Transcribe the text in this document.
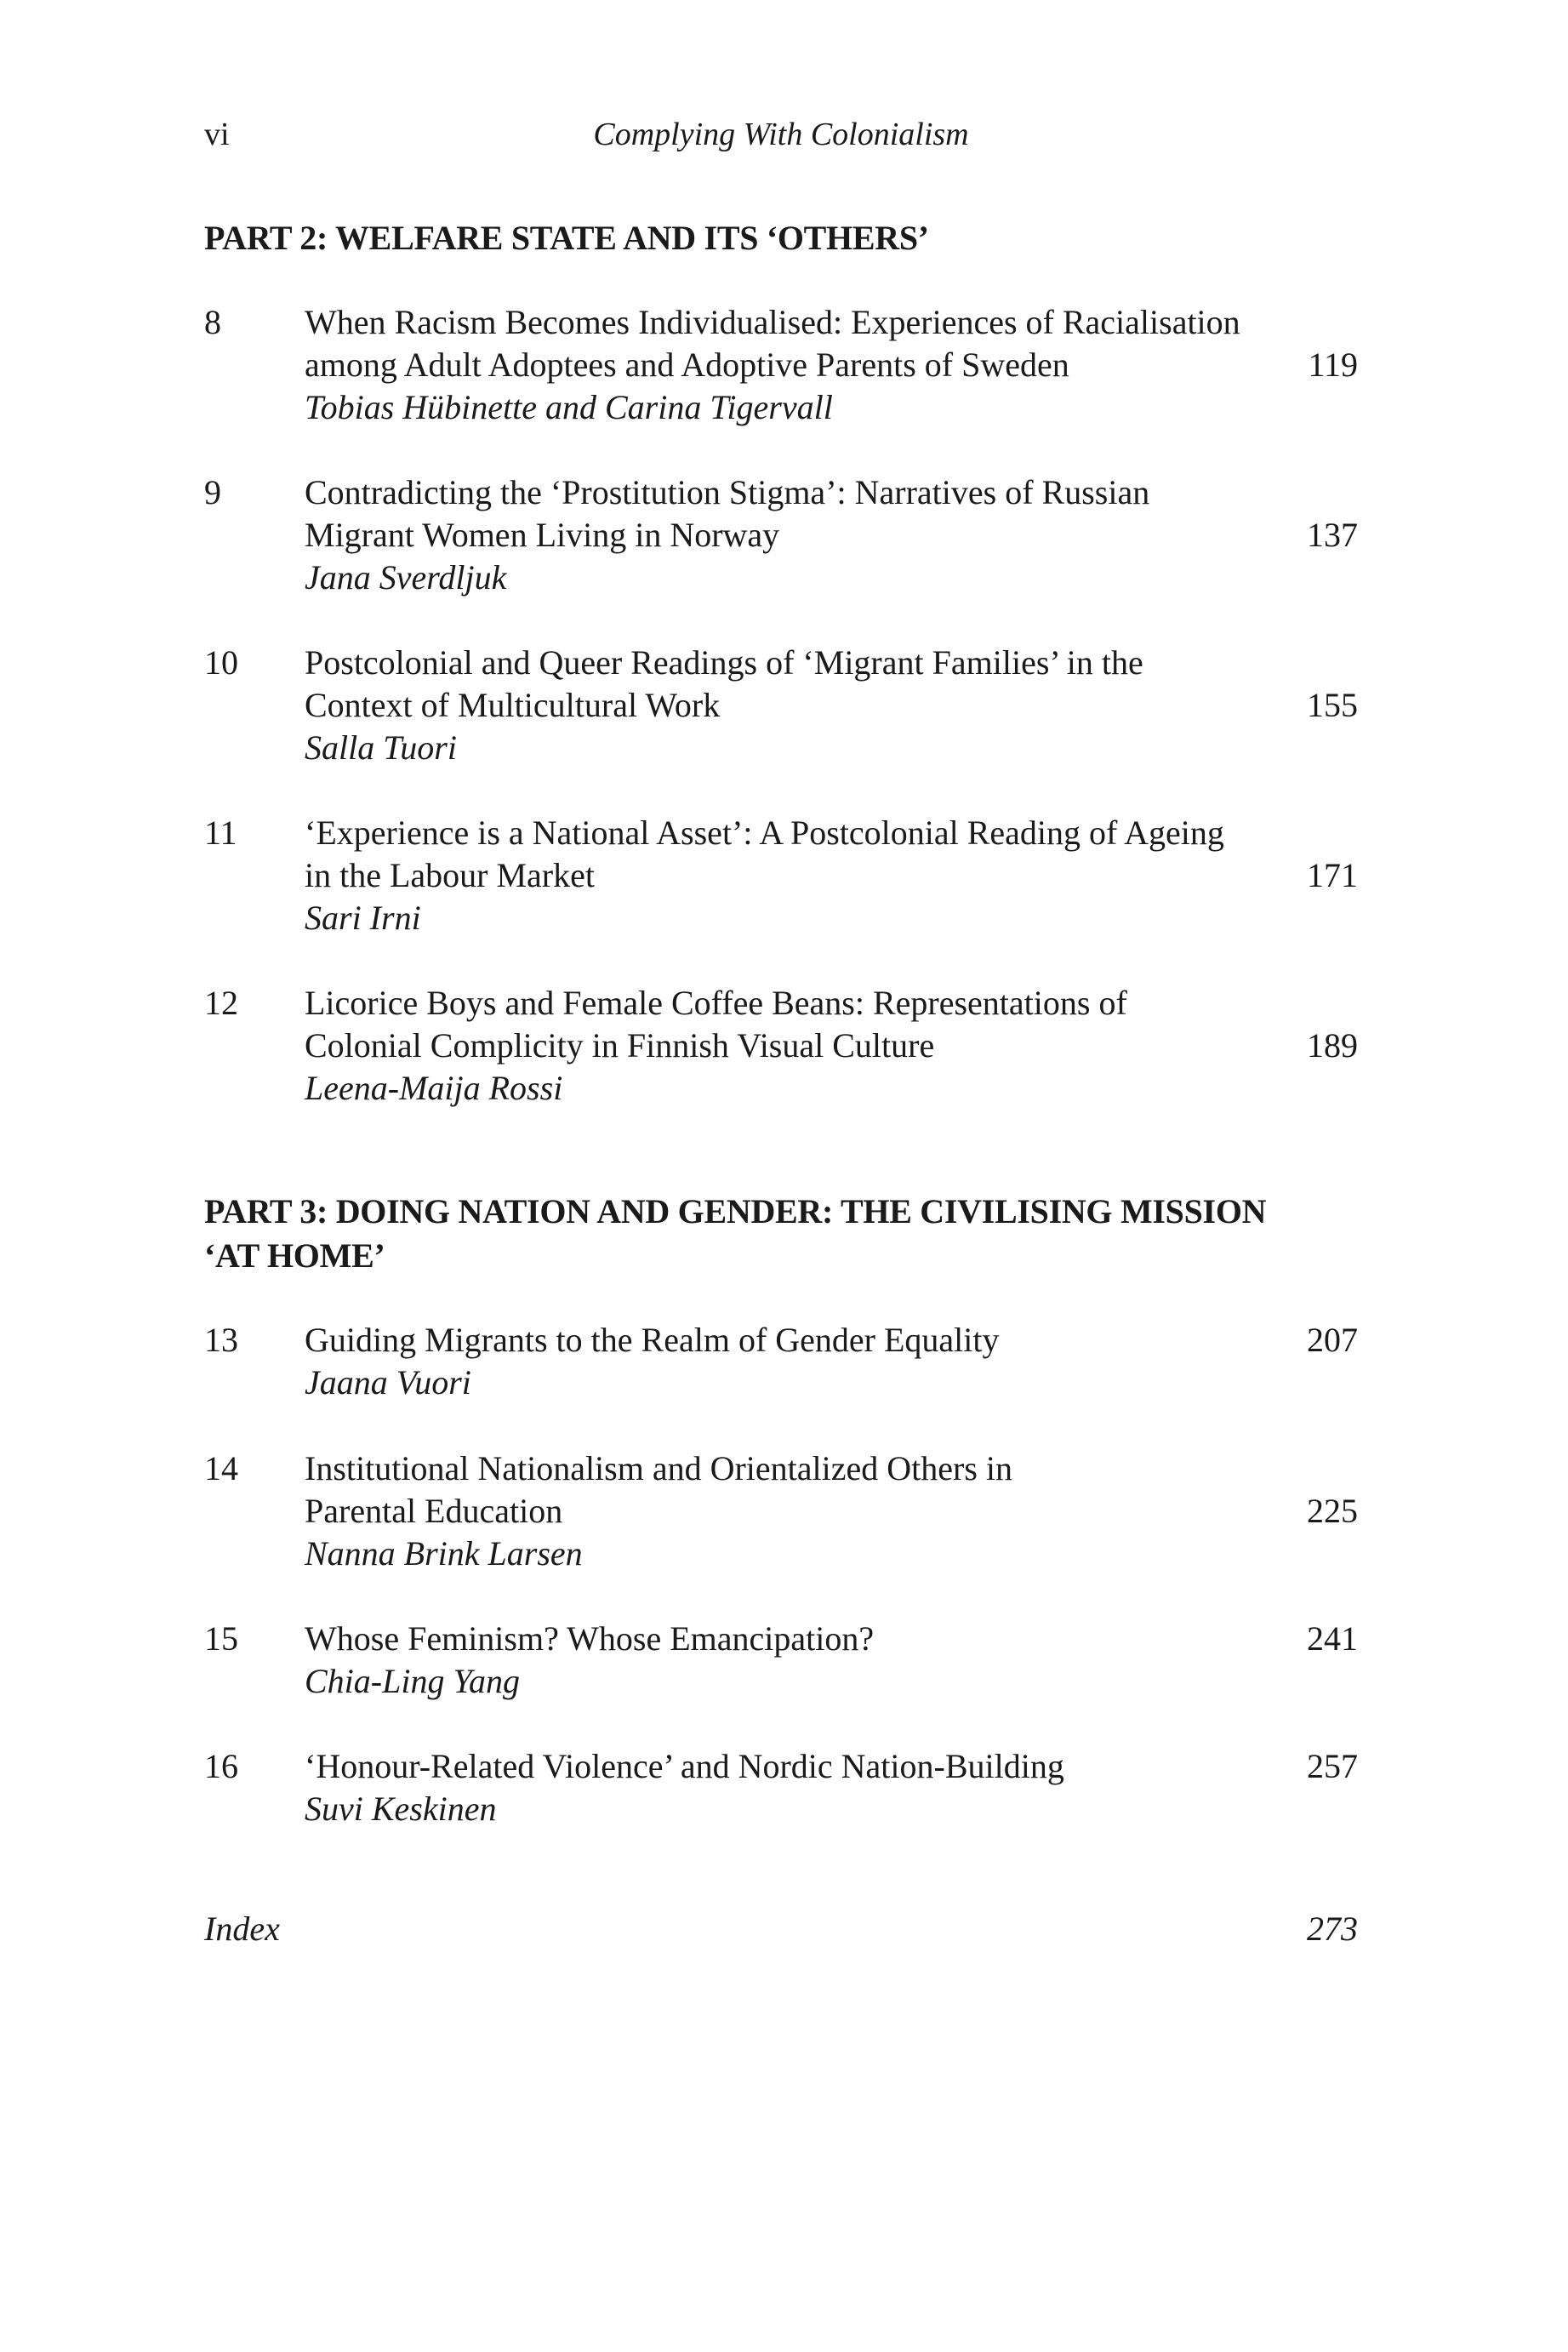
vi	Complying With Colonialism
PART 2: WELFARE STATE AND ITS ‘OTHERS’
8 When Racism Becomes Individualised: Experiences of Racialisation
among Adult Adoptees and Adoptive Parents of Sweden
Tobias Hübinette and Carina Tigervall
119
9 Contradicting the ‘Prostitution Stigma’: Narratives of Russian
Migrant Women Living in Norway
Jana Sverdljuk
137
10 Postcolonial and Queer Readings of ‘Migrant Families’ in the
Context of Multicultural Work
Salla Tuori
155
11 ‘Experience is a National Asset’: A Postcolonial Reading of Ageing
in the Labour Market
Sari Irni
171
12 Licorice Boys and Female Coffee Beans: Representations of
Colonial Complicity in Finnish Visual Culture
Leena-Maija Rossi
189
PART 3: DOING NATION AND GENDER: THE CIVILISING MISSION
‘AT HOME’
13 Guiding Migrants to the Realm of Gender Equality
Jaana Vuori
207
14 Institutional Nationalism and Orientalized Others in
Parental Education
Nanna Brink Larsen
225
15 Whose Feminism? Whose Emancipation?
Chia-Ling Yang
241
16 ‘Honour-Related Violence’ and Nordic Nation-Building
Suvi Keskinen
257
Index	273
